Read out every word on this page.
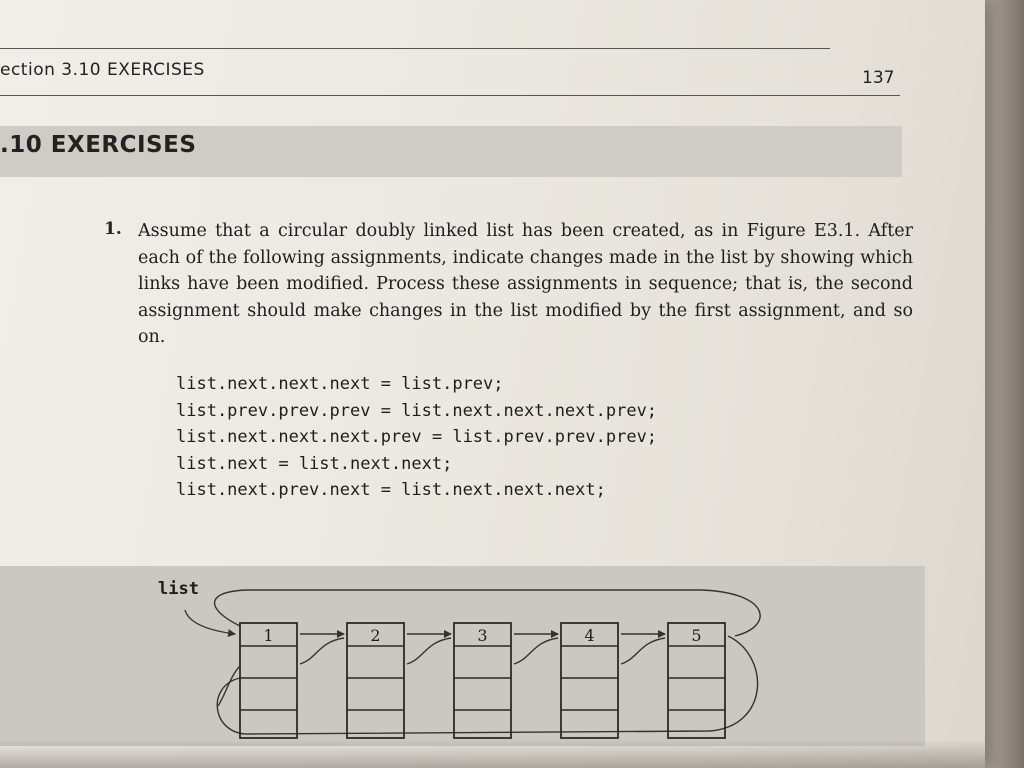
ection 3.10 EXERCISES	137
.10 EXERCISES
1. Assume that a circular doubly linked list has been created, as in Figure E3.1. After each of the following assignments, indicate changes made in the list by showing which links have been modified. Process these assignments in sequence; that is, the second assignment should make changes in the list modified by the first assignment, and so on.

list.next.next.next = list.prev;
list.prev.prev.prev = list.next.next.next.prev;
list.next.next.next.prev = list.prev.prev.prev;
list.next = list.next.next;
list.next.prev.next = list.next.next.next;
list
1	2	3	4	5
